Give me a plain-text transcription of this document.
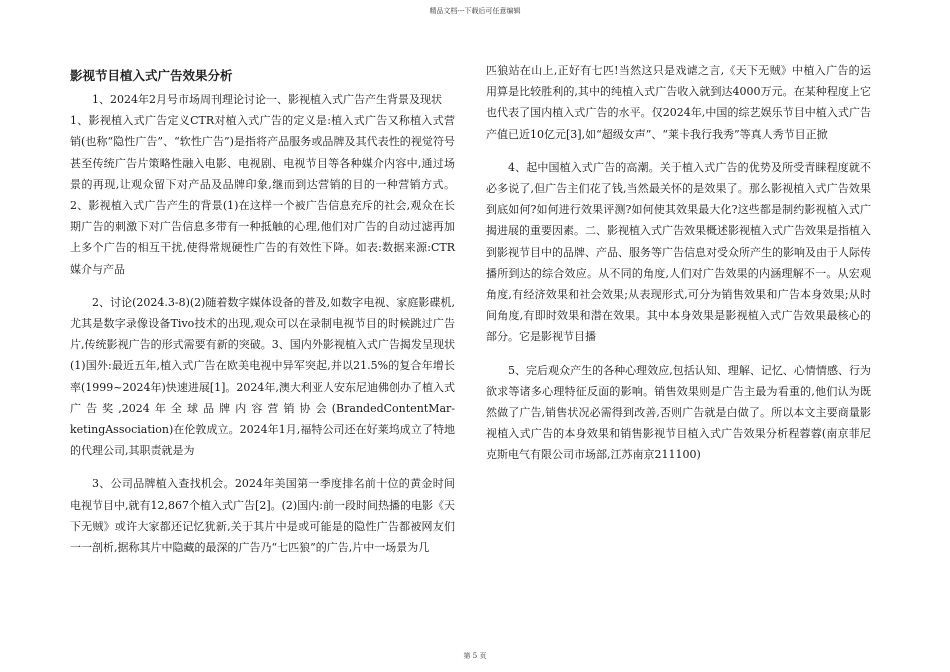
精品文档---下载后可任意编辑
影视节目植入式广告效果分析

1、2024年2月号市场周刊理论讨论一、影视植入式广告产生背景及现状

1、影视植入式广告定义CTR对植入式广告的定义是:植入式广告又称植入式营销(也称“隐性广告”、“软性广告”)是指将产品服务或品牌及其代表性的视觉符号甚至传统广告片策略性融入电影、电视剧、电视节目等各种媒介内容中,通过场景的再现,让观众留下对产品及品牌印象,继而到达营销的目的一种营销方式。2、影视植入式广告产生的背景(1)在这样一个被广告信息充斥的社会,观众在长期广告的刺激下对广告信息多带有一种抵触的心理,他们对广告的自动过滤再加上多个广告的相互干扰,使得常规硬性广告的有效性下降。如表:数据来源:CTR媒介与产品

2、讨论(2024.3-8)(2)随着数字媒体设备的普及,如数字电视、家庭影碟机,尤其是数字录像设备Tivo技术的出现,观众可以在录制电视节目的时候跳过广告片,传统影视广告的形式需要有新的突破。3、国内外影视植入式广告揭发呈现状(1)国外:最近五年,植入式广告在欧美电视中异军突起,并以21.5%的复合年增长率(1999~2024年)快速进展[1]。2024年,澳大利亚人安东尼迪佛创办了植入式广告奖,2024年全球品牌内容营销协会(BrandedContentMar-ketingAssociation)在伦敦成立。2024年1月,福特公司还在好莱坞成立了特地的代理公司,其职责就是为

3、公司品牌植入查找机会。2024年美国第一季度排名前十位的黄金时间电视节目中,就有12,867个植入式广告[2]。(2)国内:前一段时间热播的电影《天下无贼》或许大家都还记忆犹新,关于其片中是或可能是的隐性广告都被网友们一一剖析,据称其片中隐藏的最深的广告乃“七匹狼”的广告,片中一场景为几

匹狼站在山上,正好有七匹!当然这只是戏谑之言,《天下无贼》中植入广告的运用算是比较胜利的,其中的纯植入式广告收入就到达4000万元。在某种程度上它也代表了国内植入式广告的水平。仅2024年,中国的综艺娱乐节目中植入式广告产值已近10亿元[3],如“超级女声”、“莱卡我行我秀”等真人秀节目正掀

4、起中国植入式广告的高潮。关于植入式广告的优势及所受青睐程度就不必多说了,但广告主们花了钱,当然最关怀的是效果了。那么影视植入式广告效果到底如何?如何进行效果评测?如何使其效果最大化?这些都是制约影视植入式广揭进展的重要因素。二、影视植入式广告效果概述影视植入式广告效果是指植入到影视节目中的品牌、产品、服务等广告信息对受众所产生的影响及由于人际传播所到达的综合效应。从不同的角度,人们对广告效果的内涵理解不一。从宏观角度,有经济效果和社会效果;从表现形式,可分为销售效果和广告本身效果;从时间角度,有即时效果和潜在效果。其中本身效果是影视植入式广告效果最核心的部分。它是影视节目播

5、完后观众产生的各种心理效应,包括认知、理解、记忆、心情情感、行为欲求等诸多心理特征反面的影响。销售效果则是广告主最为看重的,他们认为既然做了广告,销售状况必需得到改善,否则广告就是白做了。所以本文主要商量影视植入式广告的本身效果和销售影视节目植入式广告效果分析程蓉蓉(南京菲尼克斯电气有限公司市场部,江苏南京211100)

第 5 页
